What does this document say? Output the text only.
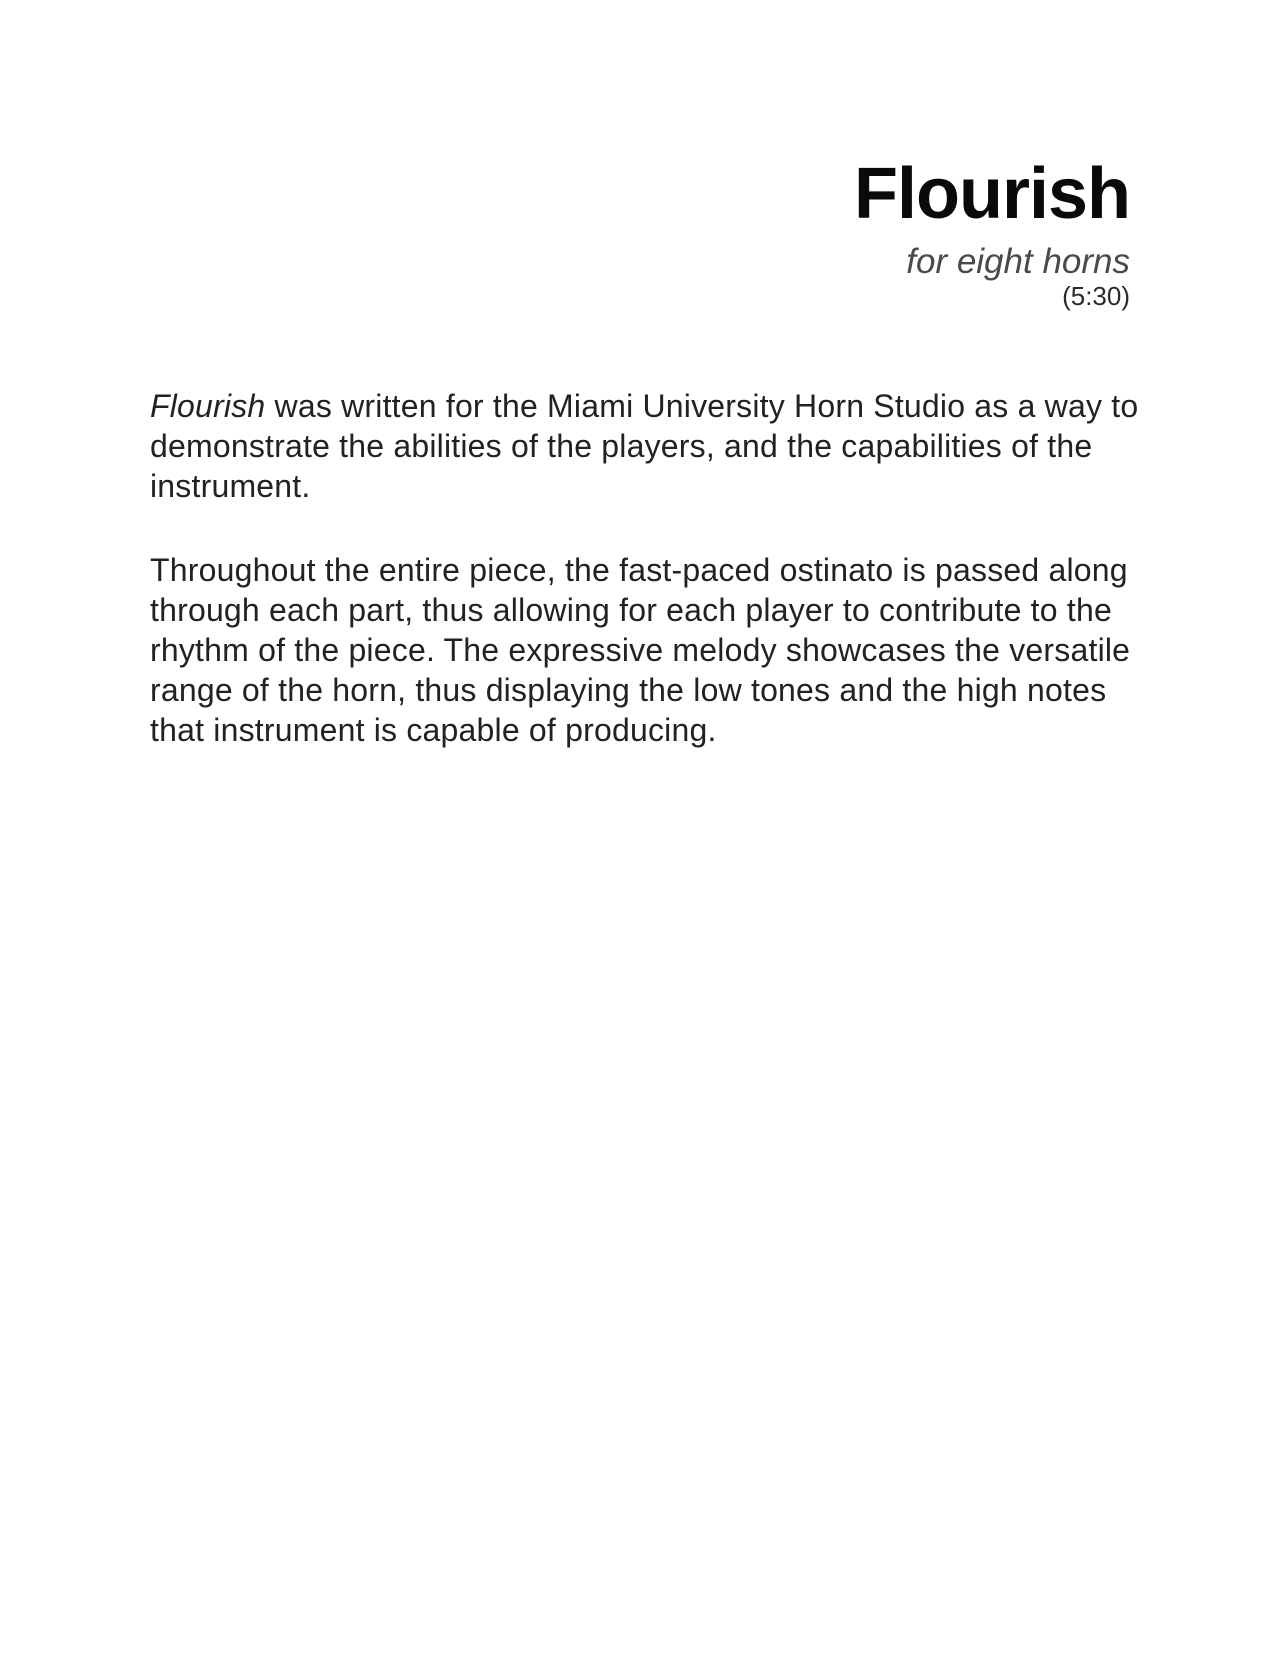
Flourish
for eight horns
(5:30)

Flourish was written for the Miami University Horn Studio as a way to
demonstrate the abilities of the players, and the capabilities of the
instrument.

Throughout the entire piece, the fast-paced ostinato is passed along
through each part, thus allowing for each player to contribute to the
rhythm of the piece. The expressive melody showcases the versatile
range of the horn, thus displaying the low tones and the high notes
that instrument is capable of producing.
